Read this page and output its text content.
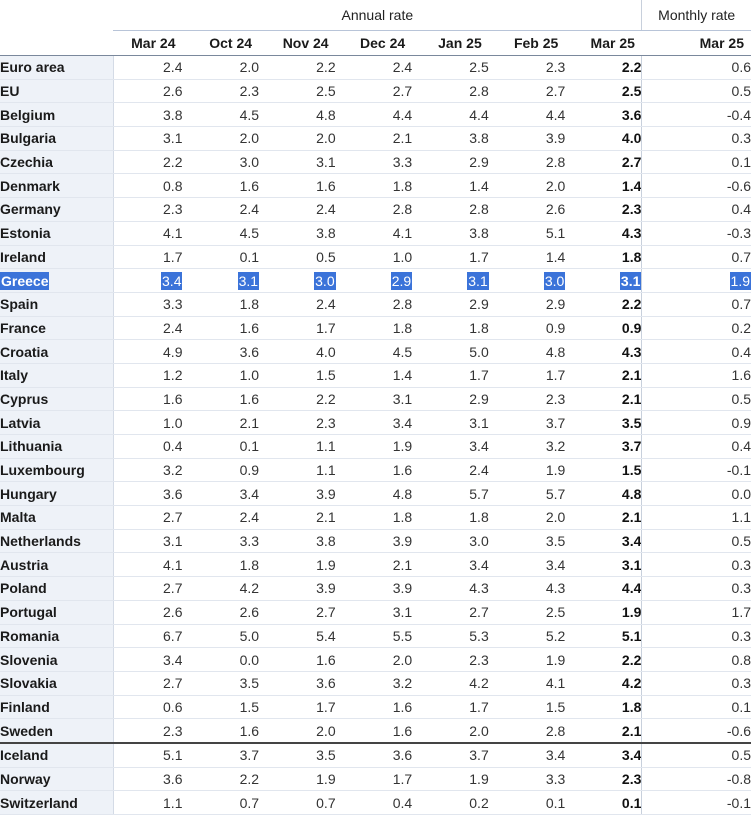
	Annual rate							Monthly rate
	Mar 24	Oct 24	Nov 24	Dec 24	Jan 25	Feb 25	Mar 25	Mar 25
Euro area	2.4	2.0	2.2	2.4	2.5	2.3	2.2	0.6
EU	2.6	2.3	2.5	2.7	2.8	2.7	2.5	0.5
Belgium	3.8	4.5	4.8	4.4	4.4	4.4	3.6	-0.4
Bulgaria	3.1	2.0	2.0	2.1	3.8	3.9	4.0	0.3
Czechia	2.2	3.0	3.1	3.3	2.9	2.8	2.7	0.1
Denmark	0.8	1.6	1.6	1.8	1.4	2.0	1.4	-0.6
Germany	2.3	2.4	2.4	2.8	2.8	2.6	2.3	0.4
Estonia	4.1	4.5	3.8	4.1	3.8	5.1	4.3	-0.3
Ireland	1.7	0.1	0.5	1.0	1.7	1.4	1.8	0.7
Greece	3.4	3.1	3.0	2.9	3.1	3.0	3.1	1.9
Spain	3.3	1.8	2.4	2.8	2.9	2.9	2.2	0.7
France	2.4	1.6	1.7	1.8	1.8	0.9	0.9	0.2
Croatia	4.9	3.6	4.0	4.5	5.0	4.8	4.3	0.4
Italy	1.2	1.0	1.5	1.4	1.7	1.7	2.1	1.6
Cyprus	1.6	1.6	2.2	3.1	2.9	2.3	2.1	0.5
Latvia	1.0	2.1	2.3	3.4	3.1	3.7	3.5	0.9
Lithuania	0.4	0.1	1.1	1.9	3.4	3.2	3.7	0.4
Luxembourg	3.2	0.9	1.1	1.6	2.4	1.9	1.5	-0.1
Hungary	3.6	3.4	3.9	4.8	5.7	5.7	4.8	0.0
Malta	2.7	2.4	2.1	1.8	1.8	2.0	2.1	1.1
Netherlands	3.1	3.3	3.8	3.9	3.0	3.5	3.4	0.5
Austria	4.1	1.8	1.9	2.1	3.4	3.4	3.1	0.3
Poland	2.7	4.2	3.9	3.9	4.3	4.3	4.4	0.3
Portugal	2.6	2.6	2.7	3.1	2.7	2.5	1.9	1.7
Romania	6.7	5.0	5.4	5.5	5.3	5.2	5.1	0.3
Slovenia	3.4	0.0	1.6	2.0	2.3	1.9	2.2	0.8
Slovakia	2.7	3.5	3.6	3.2	4.2	4.1	4.2	0.3
Finland	0.6	1.5	1.7	1.6	1.7	1.5	1.8	0.1
Sweden	2.3	1.6	2.0	1.6	2.0	2.8	2.1	-0.6
Iceland	5.1	3.7	3.5	3.6	3.7	3.4	3.4	0.5
Norway	3.6	2.2	1.9	1.7	1.9	3.3	2.3	-0.8
Switzerland	1.1	0.7	0.7	0.4	0.2	0.1	0.1	-0.1
